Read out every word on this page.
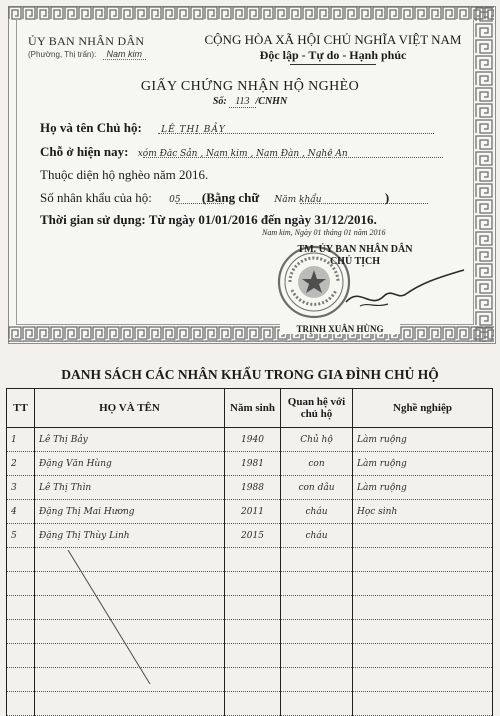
ỦY BAN NHÂN DÂN
(Phường, Thị trấn): Nam kim
CỘNG HÒA XÃ HỘI CHỦ NGHĨA VIỆT NAM
Độc lập - Tự do - Hạnh phúc
GIẤY CHỨNG NHẬN HỘ NGHÈO
Số: 113 /CNHN
Họ và tên Chủ hộ: LÊ THỊ BẢY
Chỗ ở hiện nay: xóm Đặc Sản , Nam kim , Nam Đàn , Nghệ An
Thuộc diện hộ nghèo năm 2016.
Số nhân khẩu của hộ: 05 (Bằng chữ Năm khẩu	)
Thời gian sử dụng: Từ ngày 01/01/2016 đến ngày 31/12/2016.
Nam kim, Ngày 01 tháng 01 năm 2016
TM. ỦY BAN NHÂN DÂN
CHỦ TỊCH
TRỊNH XUÂN HÙNG
DANH SÁCH CÁC NHÂN KHẨU TRONG GIA ĐÌNH CHỦ HỘ
TT	HỌ VÀ TÊN	Năm sinh	Quan hệ với chủ hộ	Nghề nghiệp
1	Lê Thị Bảy	1940	Chủ hộ	Làm ruộng
2	Đặng Văn Hùng	1981	con	Làm ruộng
3	Lê Thị Thìn	1988	con dâu	Làm ruộng
4	Đặng Thị Mai Hương	2011	cháu	Học sinh
5	Đặng Thị Thùy Linh	2015	cháu	
